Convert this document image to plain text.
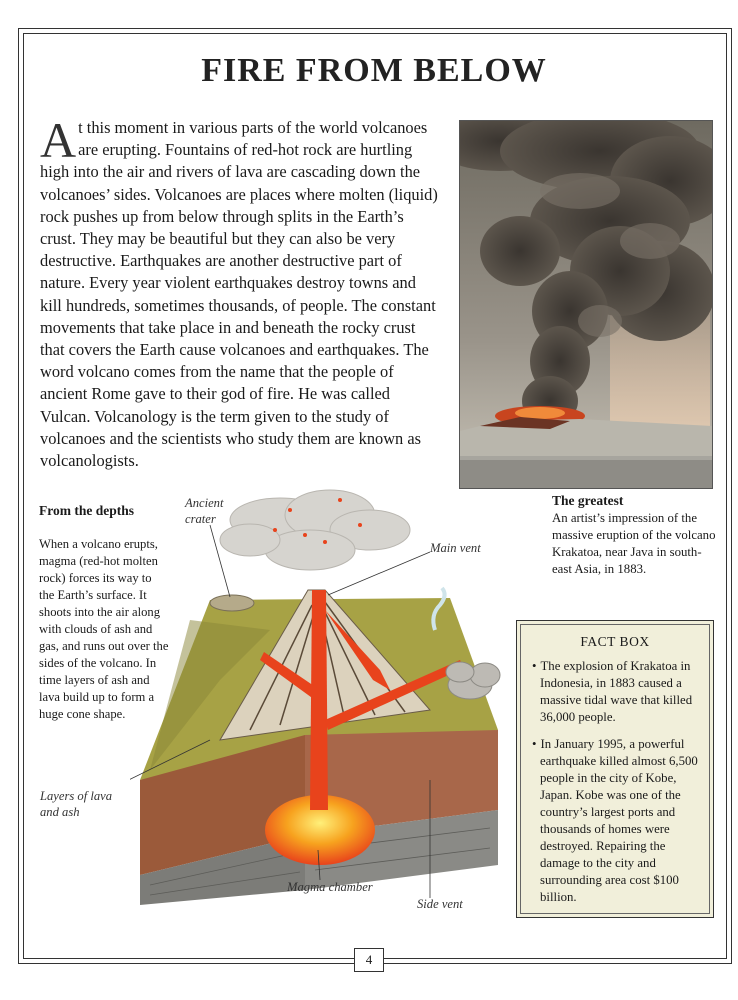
FIRE FROM BELOW

At this moment in various parts of the world volcanoes are erupting. Fountains of red-hot rock are hurtling high into the air and rivers of lava are cascading down the volcanoes’ sides. Volcanoes are places where molten (liquid) rock pushes up from below through splits in the Earth’s crust. They may be beautiful but they can also be very destructive. Earthquakes are another destructive part of nature. Every year violent earthquakes destroy towns and kill hundreds, sometimes thousands, of people. The constant movements that take place in and beneath the rocky crust that covers the Earth cause volcanoes and earthquakes. The word volcano comes from the name that the people of ancient Rome gave to their god of fire. He was called Vulcan. Volcanology is the term given to the study of volcanoes and the scientists who study them are known as volcanologists.

The greatest

An artist’s impression of the massive eruption of the volcano Krakatoa, near Java in south-east Asia, in 1883.

From the depths

When a volcano erupts, magma (red-hot molten rock) forces its way to the Earth’s surface. It shoots into the air along with clouds of ash and gas, and runs out over the sides of the volcano. In time layers of ash and lava build up to form a huge cone shape.

Ancient crater
Main vent
Layers of lava and ash
Magma chamber
Side vent
FACT BOX

• The explosion of Krakatoa in Indonesia, in 1883 caused a massive tidal wave that killed 36,000 people.

• In January 1995, a powerful earthquake killed almost 6,500 people in the city of Kobe, Japan. Kobe was one of the country’s largest ports and thousands of homes were destroyed. Repairing the damage to the city and surrounding area cost $100 billion.

4
